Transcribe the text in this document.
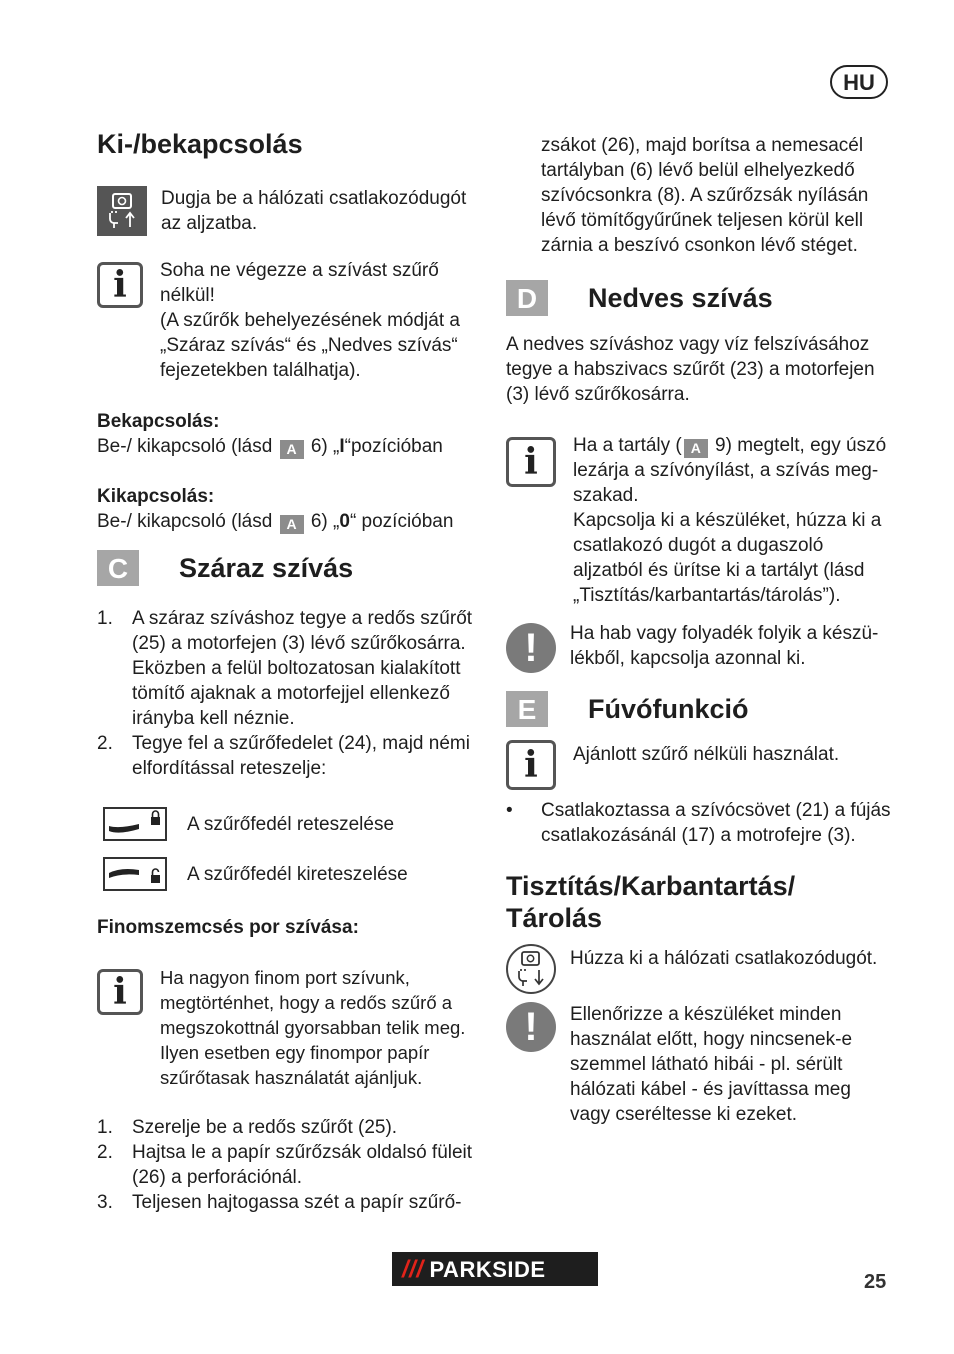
HU
Ki-/bekapcsolás
Dugja be a hálózati csatlakozódugót az aljzatba.
i	Soha ne végezze a szívást szűrő nélkül!
(A szűrők behelyezésének módját a „Száraz szívás“ és „Nedves szívás“ fejezetekben találhatja).
Bekapcsolás:
Be-/ kikapcsoló (lásd A 6) „I“pozícióban
Kikapcsolás:
Be-/ kikapcsoló (lásd A 6) „0“ pozícióban
C	Száraz szívás
1. A száraz szíváshoz tegye a redős szűrőt (25) a motorfejen (3) lévő szűrőkosárra. Eközben a felül boltozatosan kialakított tömítő ajaknak a motorfejjel ellenkező irányba kell néznie.
2. Tegye fel a szűrőfedelet (24), majd némi elfordítással reteszelje:
A szűrőfedél reteszelése
A szűrőfedél kireteszelése
Finomszemcsés por szívása:
i	Ha nagyon finom port szívunk, megtörténhet, hogy a redős szűrő a megszokottnál gyorsabban telik meg. Ilyen esetben egy finompor papír szűrőtasak használatát ajánljuk.
1. Szerelje be a redős szűrőt (25).
2. Hajtsa le a papír szűrőzsák oldalsó füleit (26) a perforációnál.
3. Teljesen hajtogassa szét a papír szűrő-
zsákot (26), majd borítsa a nemesacél tartályban (6) lévő belül elhelyezkedő szívócsonkra (8). A szűrőzsák nyílásán lévő tömítőgyűrűnek teljesen körül kell zárnia a beszívó csonkon lévő stéget.
D	Nedves szívás
A nedves szíváshoz vagy víz felszívásához tegye a habszivacs szűrőt (23) a motorfejen (3) lévő szűrőkosárra.
i	Ha a tartály ( A 9) megtelt, egy úszó lezárja a szívónyílást, a szívás meg-szakad.
Kapcsolja ki a készüléket, húzza ki a csatlakozó dugót a dugaszoló aljzatból és ürítse ki a tartályt (lásd „Tisztítás/karbantartás/tárolás”).
!	Ha hab vagy folyadék folyik a készü-lékből, kapcsolja azonnal ki.
E	Fúvófunkció
i	Ajánlott szűrő nélküli használat.
•	Csatlakoztassa a szívócsövet (21) a fújás csatlakozásánál (17) a motrofejre (3).
Tisztítás/Karbantartás/
Tárolás
Húzza ki a hálózati csatlakozódugót.
!	Ellenőrizze a készüléket minden használat előtt, hogy nincsenek-e szemmel látható hibái - pl. sérült hálózati kábel - és javíttassa meg vagy cseréltesse ki ezeket.
/// PARKSIDE
25
